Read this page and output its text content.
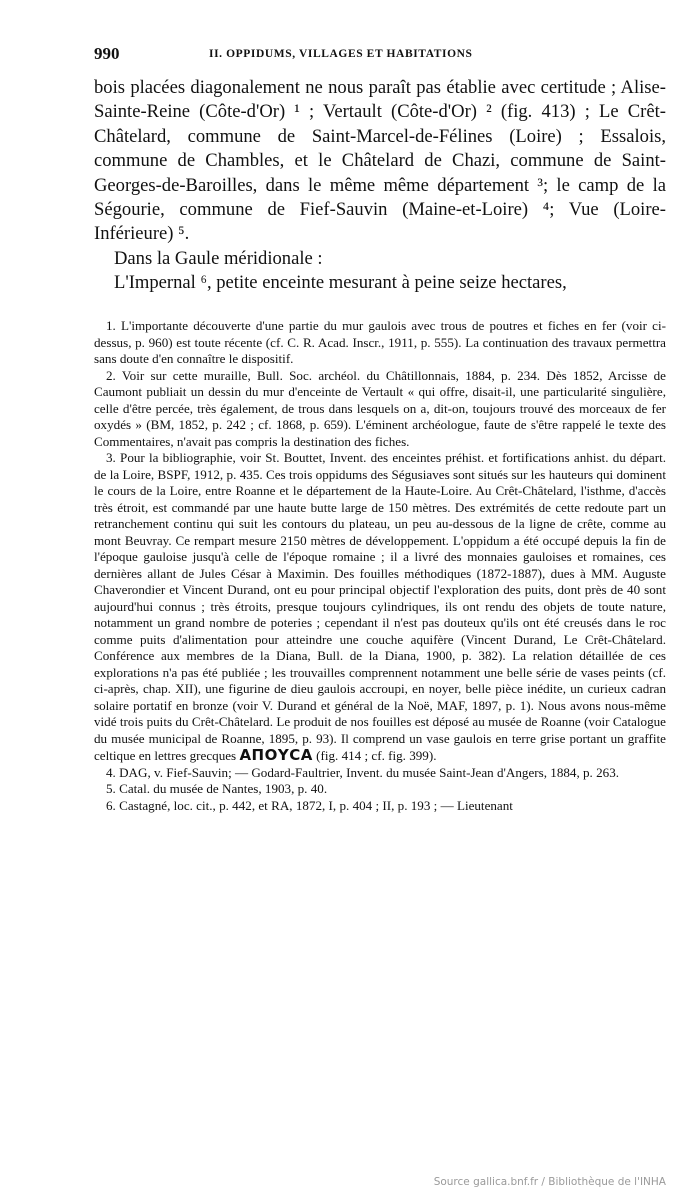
990	II. OPPIDUMS, VILLAGES ET HABITATIONS

bois placées diagonalement ne nous paraît pas établie avec certitude ; Alise-Sainte-Reine (Côte-d'Or) ¹ ; Vertault (Côte-d'Or) ² (fig. 413) ; Le Crêt-Châtelard, commune de Saint-Marcel-de-Félines (Loire) ; Essalois, commune de Chambles, et le Châtelard de Chazi, commune de Saint-Georges-de-Baroilles, dans le même même département ³; le camp de la Ségourie, commune de Fief-Sauvin (Maine-et-Loire) ⁴; Vue (Loire-Inférieure) ⁵.

Dans la Gaule méridionale :

L'Impernal ⁶, petite enceinte mesurant à peine seize hectares,

1. L'importante découverte d'une partie du mur gaulois avec trous de poutres et fiches en fer (voir ci-dessus, p. 960) est toute récente (cf. C. R. Acad. Inscr., 1911, p. 555). La continuation des travaux permettra sans doute d'en connaître le dispositif.

2. Voir sur cette muraille, Bull. Soc. archéol. du Châtillonnais, 1884, p. 234. Dès 1852, Arcisse de Caumont publiait un dessin du mur d'enceinte de Vertault « qui offre, disait-il, une particularité singulière, celle d'être percée, très également, de trous dans lesquels on a, dit-on, toujours trouvé des morceaux de fer oxydés » (BM, 1852, p. 242 ; cf. 1868, p. 659). L'éminent archéologue, faute de s'être rappelé le texte des Commentaires, n'avait pas compris la destination des fiches.

3. Pour la bibliographie, voir St. Bouttet, Invent. des enceintes préhist. et fortifications anhist. du départ. de la Loire, BSPF, 1912, p. 435. Ces trois oppidums des Ségusiaves sont situés sur les hauteurs qui dominent le cours de la Loire, entre Roanne et le département de la Haute-Loire. Au Crêt-Châtelard, l'isthme, d'accès très étroit, est commandé par une haute butte large de 150 mètres. Des extrémités de cette redoute part un retranchement continu qui suit les contours du plateau, un peu au-dessous de la ligne de crête, comme au mont Beuvray. Ce rempart mesure 2150 mètres de développement. L'oppidum a été occupé depuis la fin de l'époque gauloise jusqu'à celle de l'époque romaine ; il a livré des monnaies gauloises et romaines, ces dernières allant de Jules César à Maximin. Des fouilles méthodiques (1872-1887), dues à MM. Auguste Chaverondier et Vincent Durand, ont eu pour principal objectif l'exploration des puits, dont près de 40 sont aujourd'hui connus ; très étroits, presque toujours cylindriques, ils ont rendu des objets de toute nature, notamment un grand nombre de poteries ; cependant il n'est pas douteux qu'ils ont été creusés dans le roc comme puits d'alimentation pour atteindre une couche aquifère (Vincent Durand, Le Crêt-Châtelard. Conférence aux membres de la Diana, Bull. de la Diana, 1900, p. 382). La relation détaillée de ces explorations n'a pas été publiée ; les trouvailles comprennent notamment une belle série de vases peints (cf. ci-après, chap. XII), une figurine de dieu gaulois accroupi, en noyer, belle pièce inédite, un curieux cadran solaire portatif en bronze (voir V. Durand et général de la Noë, MAF, 1897, p. 1). Nous avons nous-même vidé trois puits du Crêt-Châtelard. Le produit de nos fouilles est déposé au musée de Roanne (voir Catalogue du musée municipal de Roanne, 1895, p. 93). Il comprend un vase gaulois en terre grise portant un graffite celtique en lettres grecques ΑΠΟΥCΑ (fig. 414 ; cf. fig. 399).

4. DAG, v. Fief-Sauvin; — Godard-Faultrier, Invent. du musée Saint-Jean d'Angers, 1884, p. 263.

5. Catal. du musée de Nantes, 1903, p. 40.

6. Castagné, loc. cit., p. 442, et RA, 1872, I, p. 404 ; II, p. 193 ; — Lieutenant

Source gallica.bnf.fr / Bibliothèque de l'INHA
